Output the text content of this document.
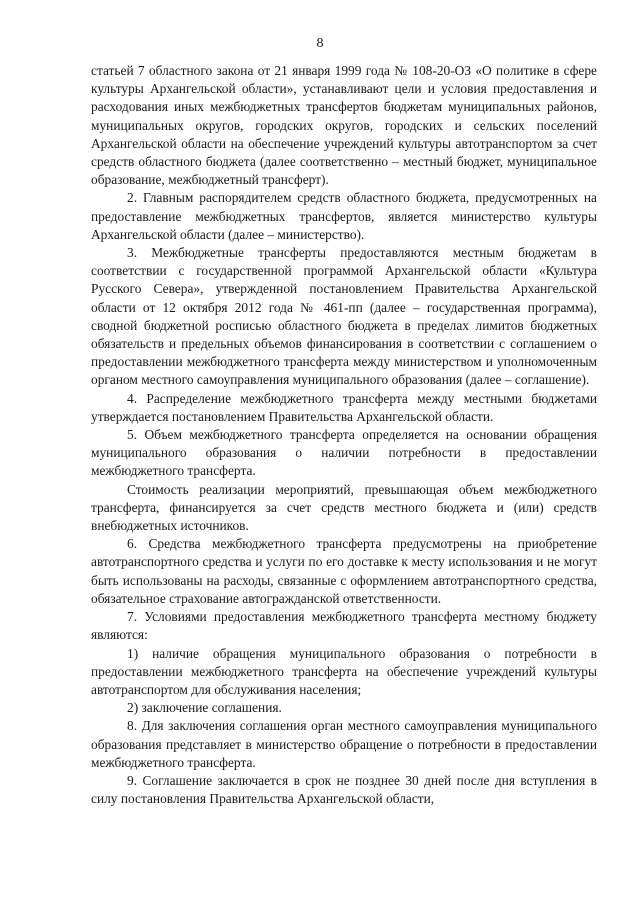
8

статьей 7 областного закона от 21 января 1999 года № 108-20-ОЗ «О политике в сфере культуры Архангельской области», устанавливают цели и условия предоставления и расходования иных межбюджетных трансфертов бюджетам муниципальных районов, муниципальных округов, городских округов, городских и сельских поселений Архангельской области на обеспечение учреждений культуры автотранспортом за счет средств областного бюджета (далее соответственно – местный бюджет, муниципальное образование, межбюджетный трансферт).

2. Главным распорядителем средств областного бюджета, предусмотренных на предоставление межбюджетных трансфертов, является министерство культуры Архангельской области (далее – министерство).

3. Межбюджетные трансферты предоставляются местным бюджетам в соответствии с государственной программой Архангельской области «Культура Русского Севера», утвержденной постановлением Правительства Архангельской области от 12 октября 2012 года № 461-пп (далее – государственная программа), сводной бюджетной росписью областного бюджета в пределах лимитов бюджетных обязательств и предельных объемов финансирования в соответствии с соглашением о предоставлении межбюджетного трансферта между министерством и уполномоченным органом местного самоуправления муниципального образования (далее – соглашение).

4. Распределение межбюджетного трансферта между местными бюджетами утверждается постановлением Правительства Архангельской области.

5. Объем межбюджетного трансферта определяется на основании обращения муниципального образования о наличии потребности в предоставлении межбюджетного трансферта.

Стоимость реализации мероприятий, превышающая объем межбюджетного трансферта, финансируется за счет средств местного бюджета и (или) средств внебюджетных источников.

6. Средства межбюджетного трансферта предусмотрены на приобретение автотранспортного средства и услуги по его доставке к месту использования и не могут быть использованы на расходы, связанные с оформлением автотранспортного средства, обязательное страхование автогражданской ответственности.

7. Условиями предоставления межбюджетного трансферта местному бюджету являются:

1) наличие обращения муниципального образования о потребности в предоставлении межбюджетного трансферта на обеспечение учреждений культуры автотранспортом для обслуживания населения;

2) заключение соглашения.

8. Для заключения соглашения орган местного самоуправления муниципального образования представляет в министерство обращение о потребности в предоставлении межбюджетного трансферта.

9. Соглашение заключается в срок не позднее 30 дней после дня вступления в силу постановления Правительства Архангельской области,
